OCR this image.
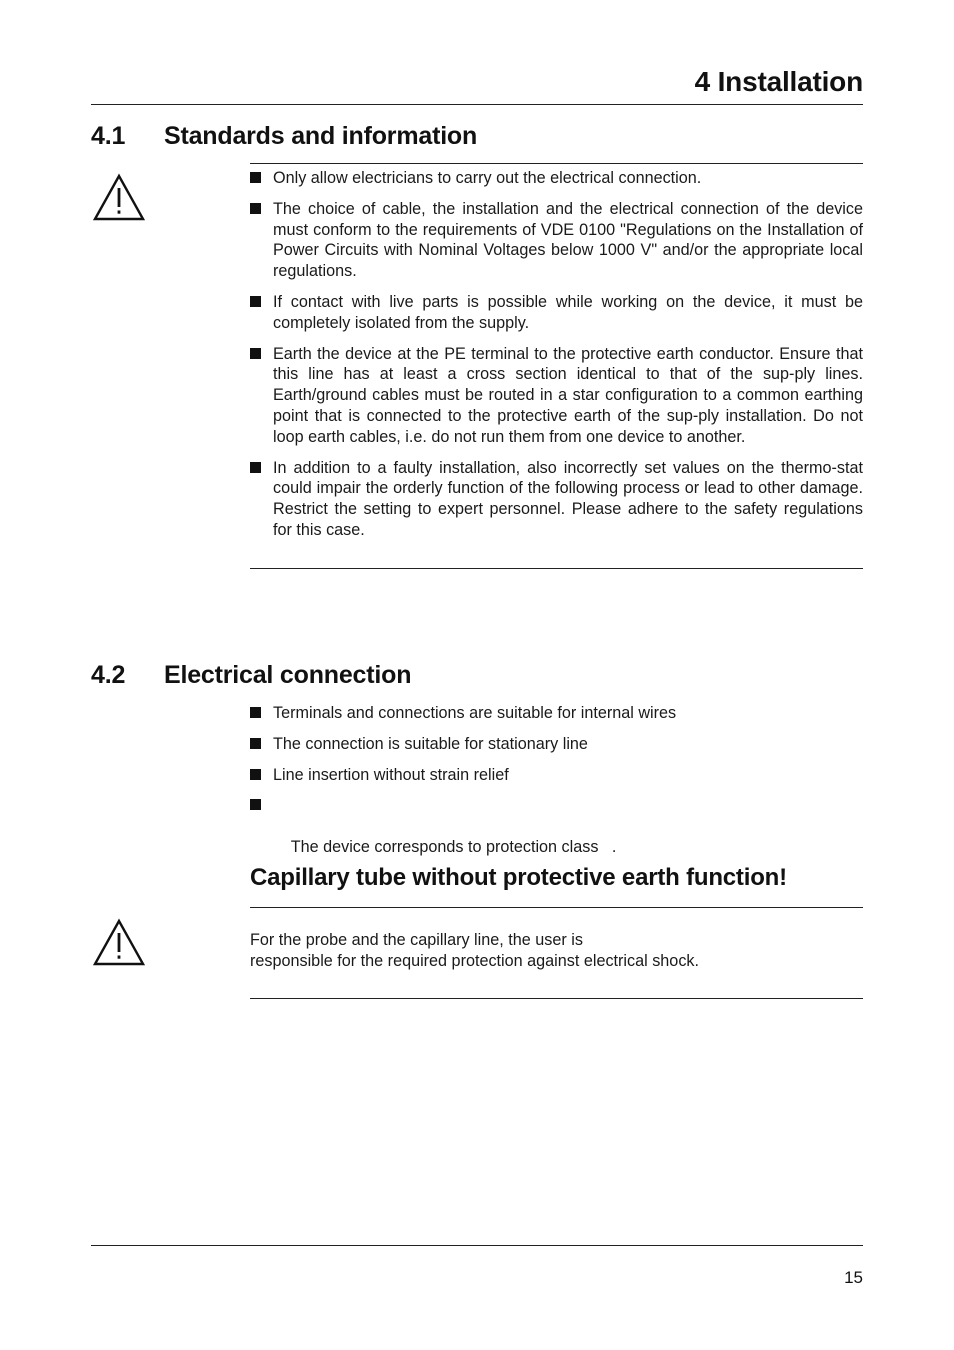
4 Installation
4.1 Standards and information
Only allow electricians to carry out the electrical connection.
The choice of cable, the installation and the electrical connection of the device must conform to the requirements of VDE 0100 "Regulations on the Installation of Power Circuits with Nominal Voltages below 1000 V" and/or the appropriate local regulations.
If contact with live parts is possible while working on the device, it must be completely isolated from the supply.
Earth the device at the PE terminal to the protective earth conductor. Ensure that this line has at least a cross section identical to that of the sup-ply lines. Earth/ground cables must be routed in a star configuration to a common earthing point that is connected to the protective earth of the sup-ply installation. Do not loop earth cables, i.e. do not run them from one device to another.
In addition to a faulty installation, also incorrectly set values on the thermo-stat could impair the orderly function of the following process or lead to other damage. Restrict the setting to expert personnel. Please adhere to the safety regulations for this case.
4.2 Electrical connection
Terminals and connections are suitable for internal wires
The connection is suitable for stationary line
Line insertion without strain relief

The device corresponds to protection class   .

Capillary tube without protective earth function!
For the probe and the capillary line, the user is
responsible for the required protection against electrical shock.
15
